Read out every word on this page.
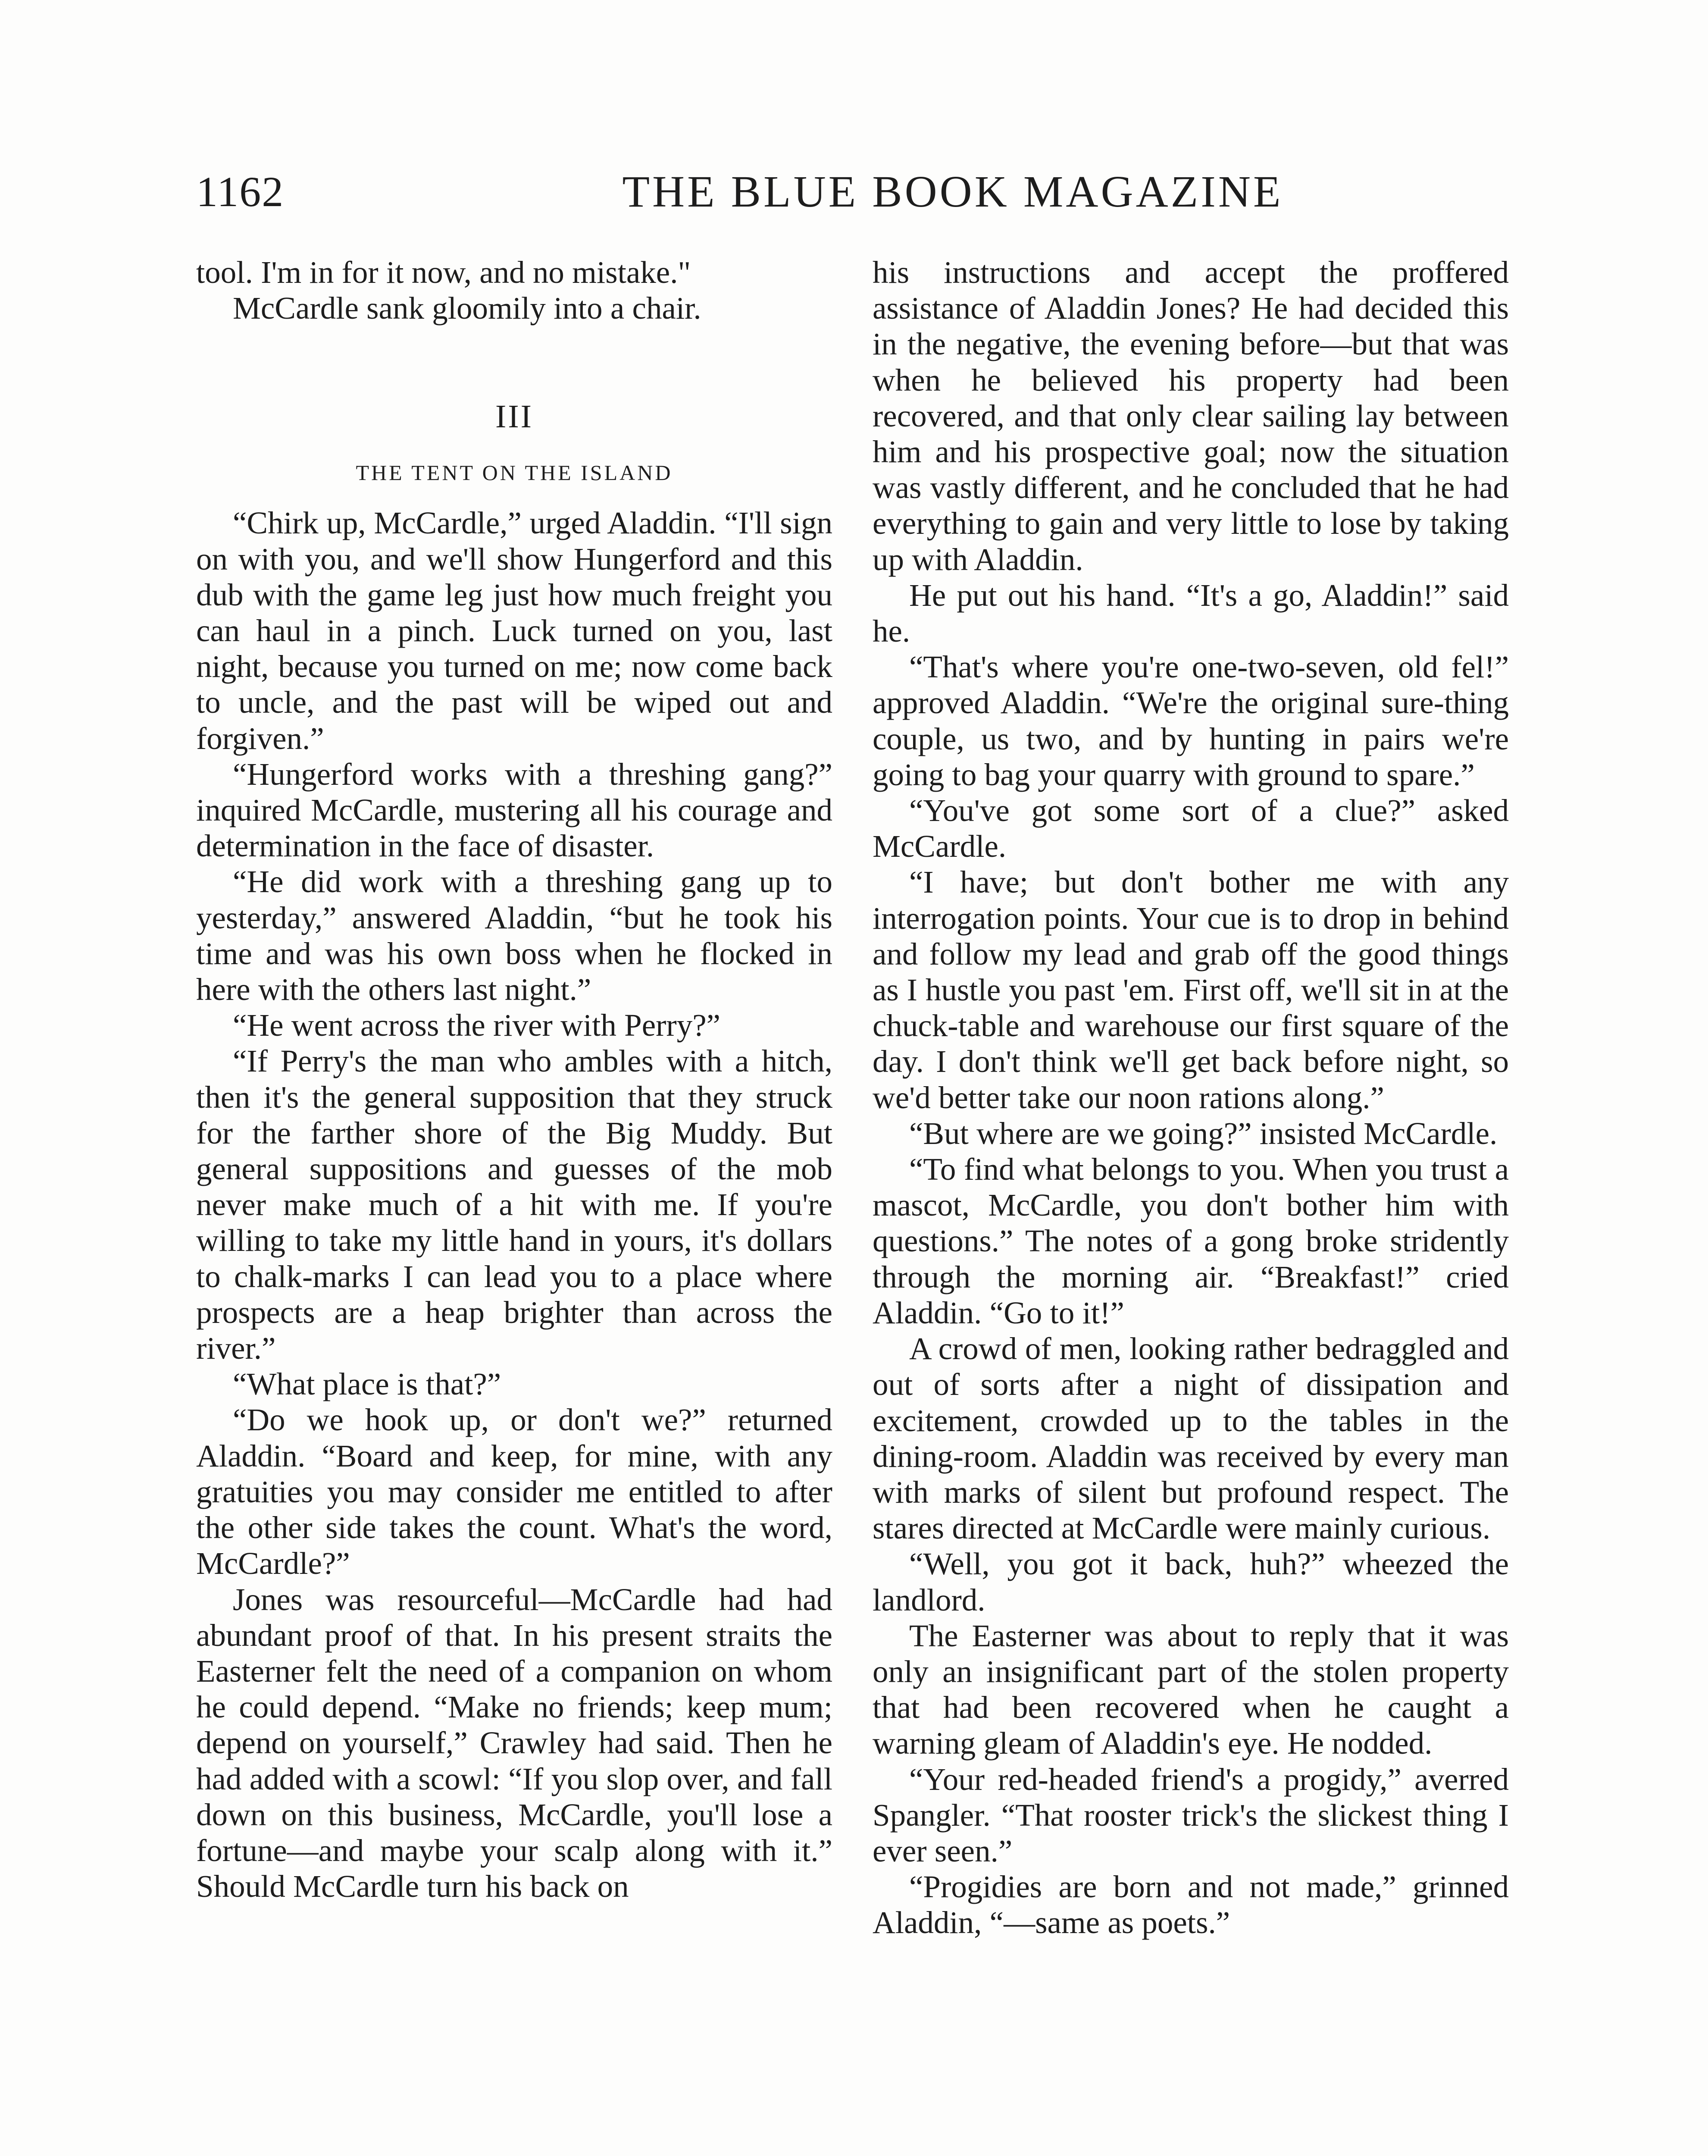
1162	THE BLUE BOOK MAGAZINE

tool. I'm in for it now, and no mistake."

McCardle sank gloomily into a chair.

III
THE TENT ON THE ISLAND

“Chirk up, McCardle,” urged Aladdin. “I'll sign on with you, and we'll show Hungerford and this dub with the game leg just how much freight you can haul in a pinch. Luck turned on you, last night, because you turned on me; now come back to uncle, and the past will be wiped out and forgiven.”

“Hungerford works with a threshing gang?” inquired McCardle, mustering all his courage and determination in the face of disaster.

“He did work with a threshing gang up to yesterday,” answered Aladdin, “but he took his time and was his own boss when he flocked in here with the others last night.”

“He went across the river with Perry?”

“If Perry's the man who ambles with a hitch, then it's the general supposition that they struck for the farther shore of the Big Muddy. But general suppositions and guesses of the mob never make much of a hit with me. If you're willing to take my little hand in yours, it's dollars to chalk-marks I can lead you to a place where prospects are a heap brighter than across the river.”

“What place is that?”

“Do we hook up, or don't we?” returned Aladdin. “Board and keep, for mine, with any gratuities you may consider me entitled to after the other side takes the count. What's the word, McCardle?”

Jones was resourceful—McCardle had had abundant proof of that. In his present straits the Easterner felt the need of a companion on whom he could depend. “Make no friends; keep mum; depend on yourself,” Crawley had said. Then he had added with a scowl: “If you slop over, and fall down on this business, McCardle, you'll lose a fortune—and maybe your scalp along with it.” Should McCardle turn his back on

his instructions and accept the proffered assistance of Aladdin Jones? He had decided this in the negative, the evening before—but that was when he believed his property had been recovered, and that only clear sailing lay between him and his prospective goal; now the situation was vastly different, and he concluded that he had everything to gain and very little to lose by taking up with Aladdin.

He put out his hand. “It's a go, Aladdin!” said he.

“That's where you're one-two-seven, old fel!” approved Aladdin. “We're the original sure-thing couple, us two, and by hunting in pairs we're going to bag your quarry with ground to spare.”

“You've got some sort of a clue?” asked McCardle.

“I have; but don't bother me with any interrogation points. Your cue is to drop in behind and follow my lead and grab off the good things as I hustle you past 'em. First off, we'll sit in at the chuck-table and warehouse our first square of the day. I don't think we'll get back before night, so we'd better take our noon rations along.”

“But where are we going?” insisted McCardle.

“To find what belongs to you. When you trust a mascot, McCardle, you don't bother him with questions.” The notes of a gong broke stridently through the morning air. “Breakfast!” cried Aladdin. “Go to it!”

A crowd of men, looking rather bedraggled and out of sorts after a night of dissipation and excitement, crowded up to the tables in the dining-room. Aladdin was received by every man with marks of silent but profound respect. The stares directed at McCardle were mainly curious.

“Well, you got it back, huh?” wheezed the landlord.

The Easterner was about to reply that it was only an insignificant part of the stolen property that had been recovered when he caught a warning gleam of Aladdin's eye. He nodded.

“Your red-headed friend's a progidy,” averred Spangler. “That rooster trick's the slickest thing I ever seen.”

“Progidies are born and not made,” grinned Aladdin, “—same as poets.”
